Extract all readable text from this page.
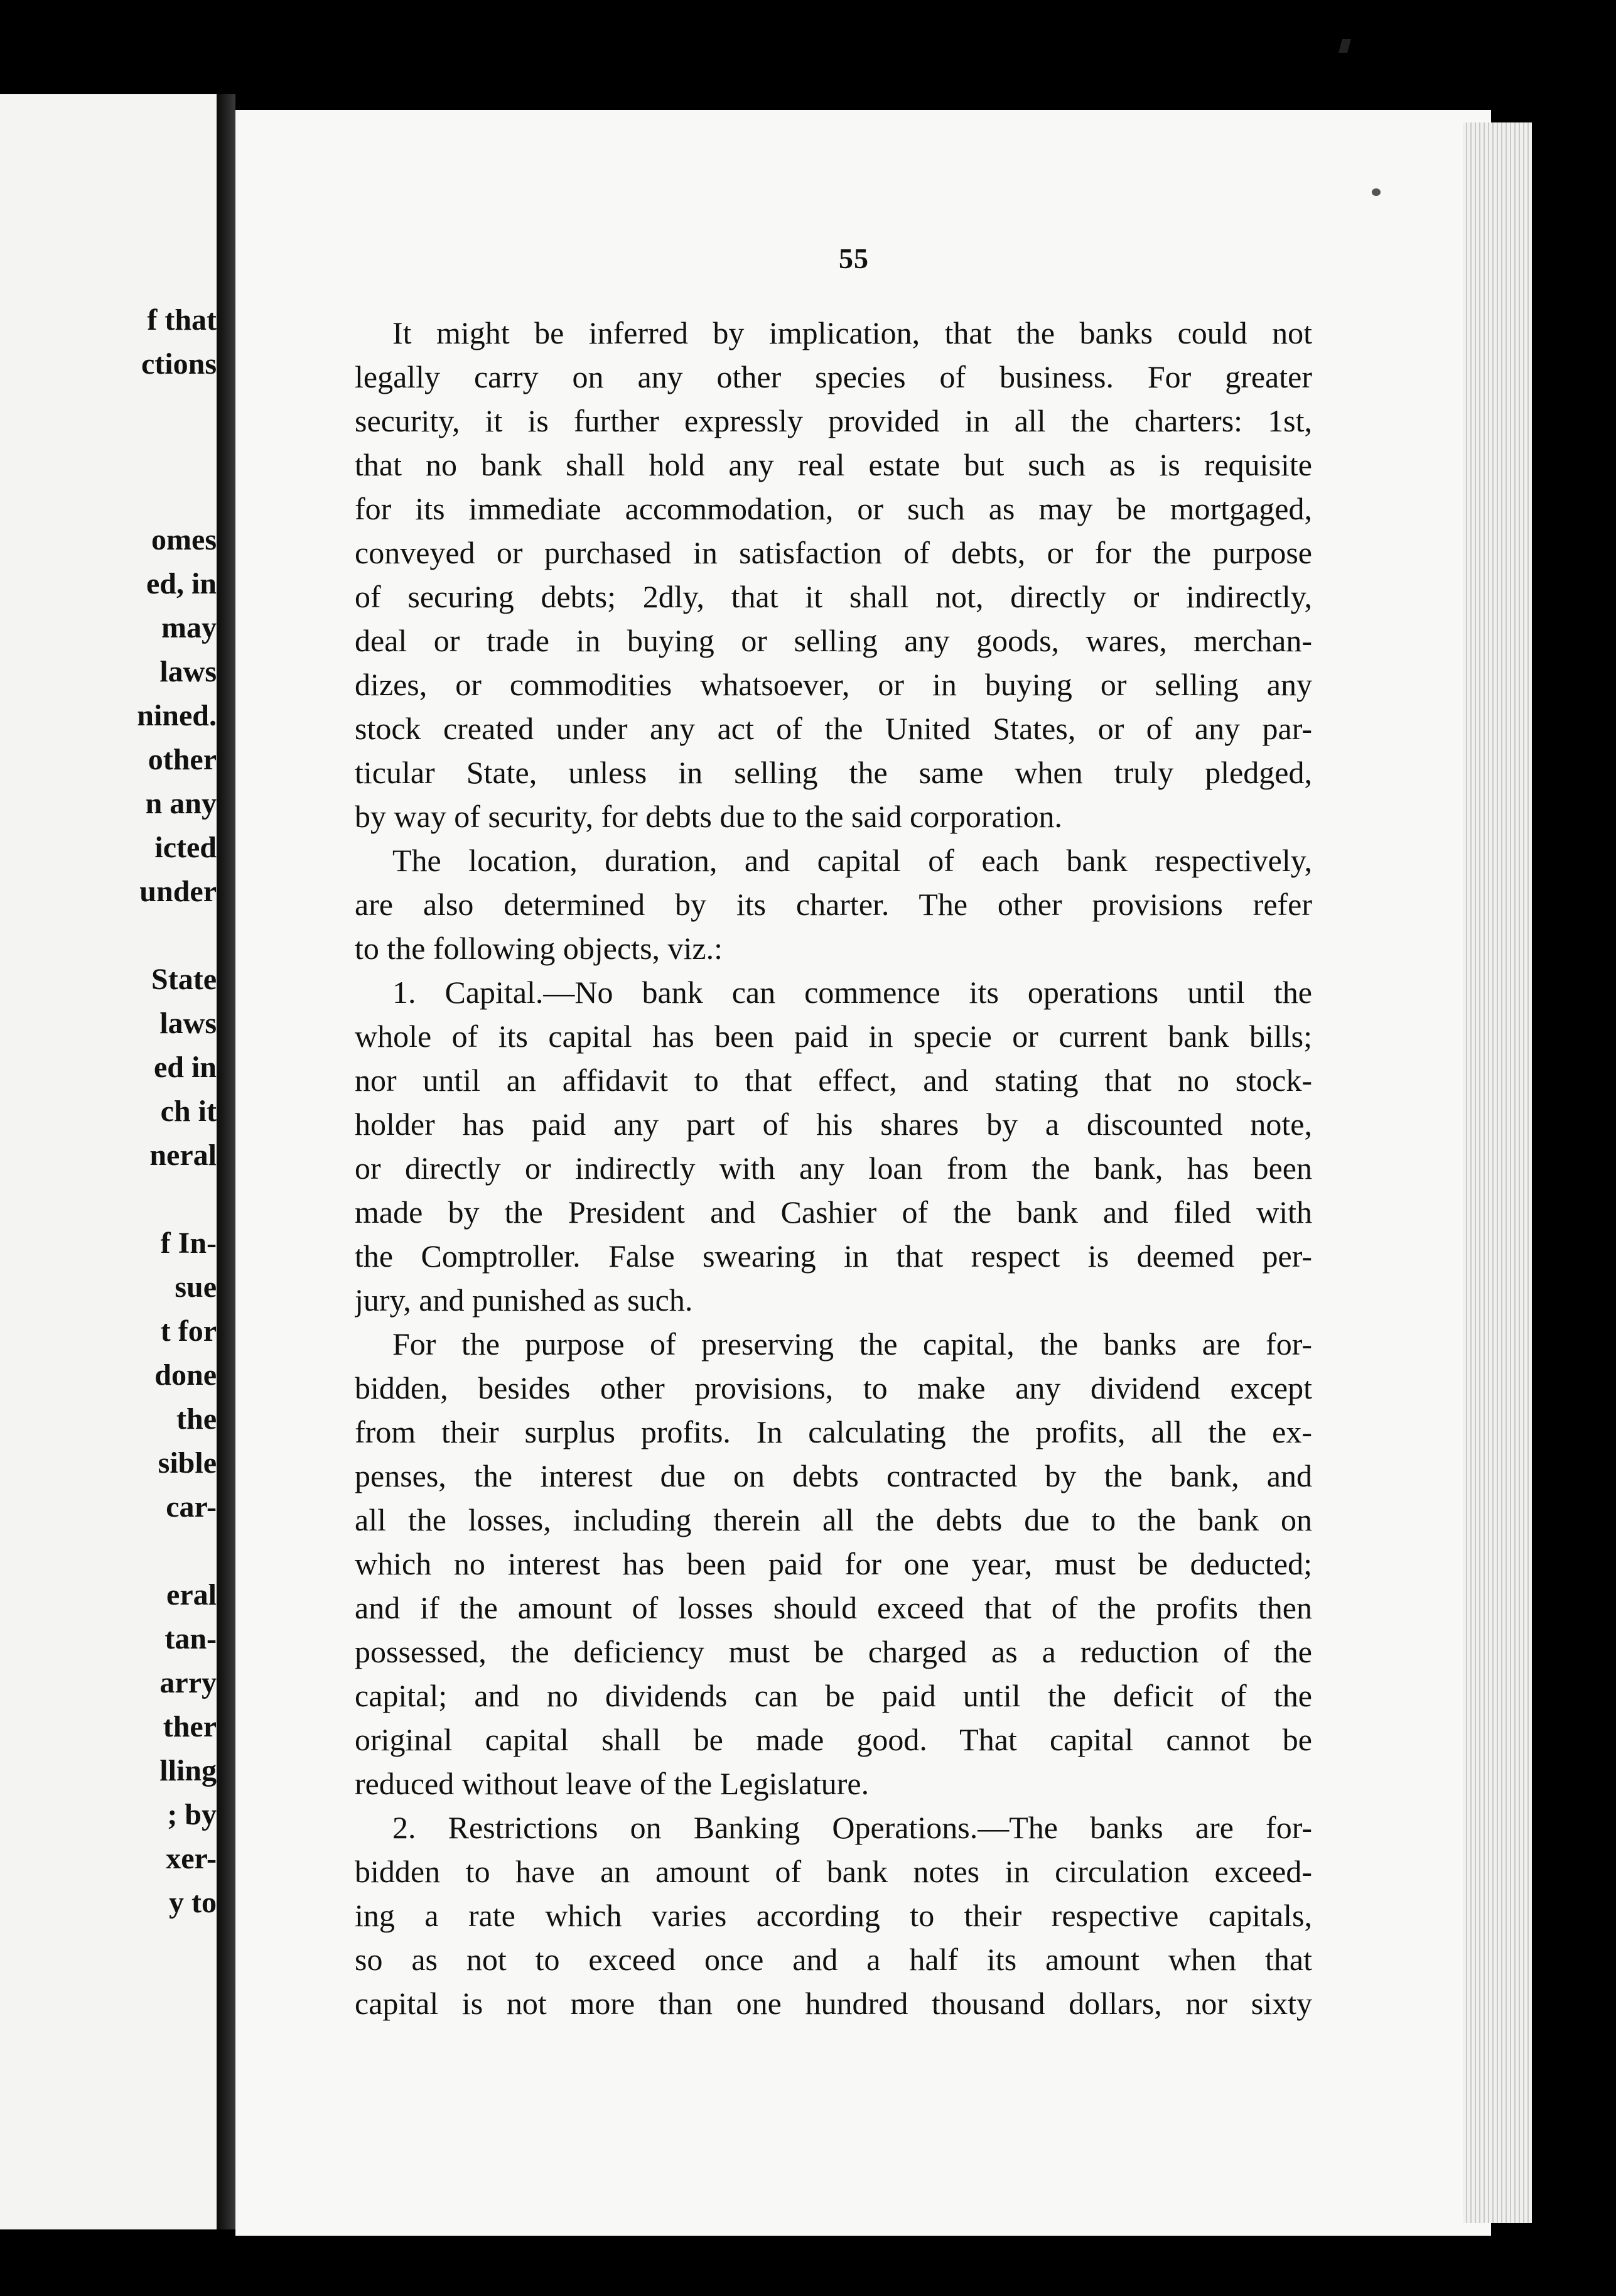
f that
ctions
omes
ed, in
may
laws
nined.
other
n any
icted
under
State
laws
ed in
ch it
neral
f In-
sue
t for
done
the
sible
car-
eral
tan-
arry
ther
lling
; by
xer-
y to
55
It might be inferred by implication, that the banks could not
legally carry on any other species of business. For greater
security, it is further expressly provided in all the charters: 1st,
that no bank shall hold any real estate but such as is requisite
for its immediate accommodation, or such as may be mortgaged,
conveyed or purchased in satisfaction of debts, or for the purpose
of securing debts; 2dly, that it shall not, directly or indirectly,
deal or trade in buying or selling any goods, wares, merchan-
dizes, or commodities whatsoever, or in buying or selling any
stock created under any act of the United States, or of any par-
ticular State, unless in selling the same when truly pledged,
by way of security, for debts due to the said corporation.
The location, duration, and capital of each bank respectively,
are also determined by its charter. The other provisions refer
to the following objects, viz.:
1. Capital.—No bank can commence its operations until the
whole of its capital has been paid in specie or current bank bills;
nor until an affidavit to that effect, and stating that no stock-
holder has paid any part of his shares by a discounted note,
or directly or indirectly with any loan from the bank, has been
made by the President and Cashier of the bank and filed with
the Comptroller. False swearing in that respect is deemed per-
jury, and punished as such.
For the purpose of preserving the capital, the banks are for-
bidden, besides other provisions, to make any dividend except
from their surplus profits. In calculating the profits, all the ex-
penses, the interest due on debts contracted by the bank, and
all the losses, including therein all the debts due to the bank on
which no interest has been paid for one year, must be deducted;
and if the amount of losses should exceed that of the profits then
possessed, the deficiency must be charged as a reduction of the
capital; and no dividends can be paid until the deficit of the
original capital shall be made good. That capital cannot be
reduced without leave of the Legislature.
2. Restrictions on Banking Operations.—The banks are for-
bidden to have an amount of bank notes in circulation exceed-
ing a rate which varies according to their respective capitals,
so as not to exceed once and a half its amount when that
capital is not more than one hundred thousand dollars, nor sixty
